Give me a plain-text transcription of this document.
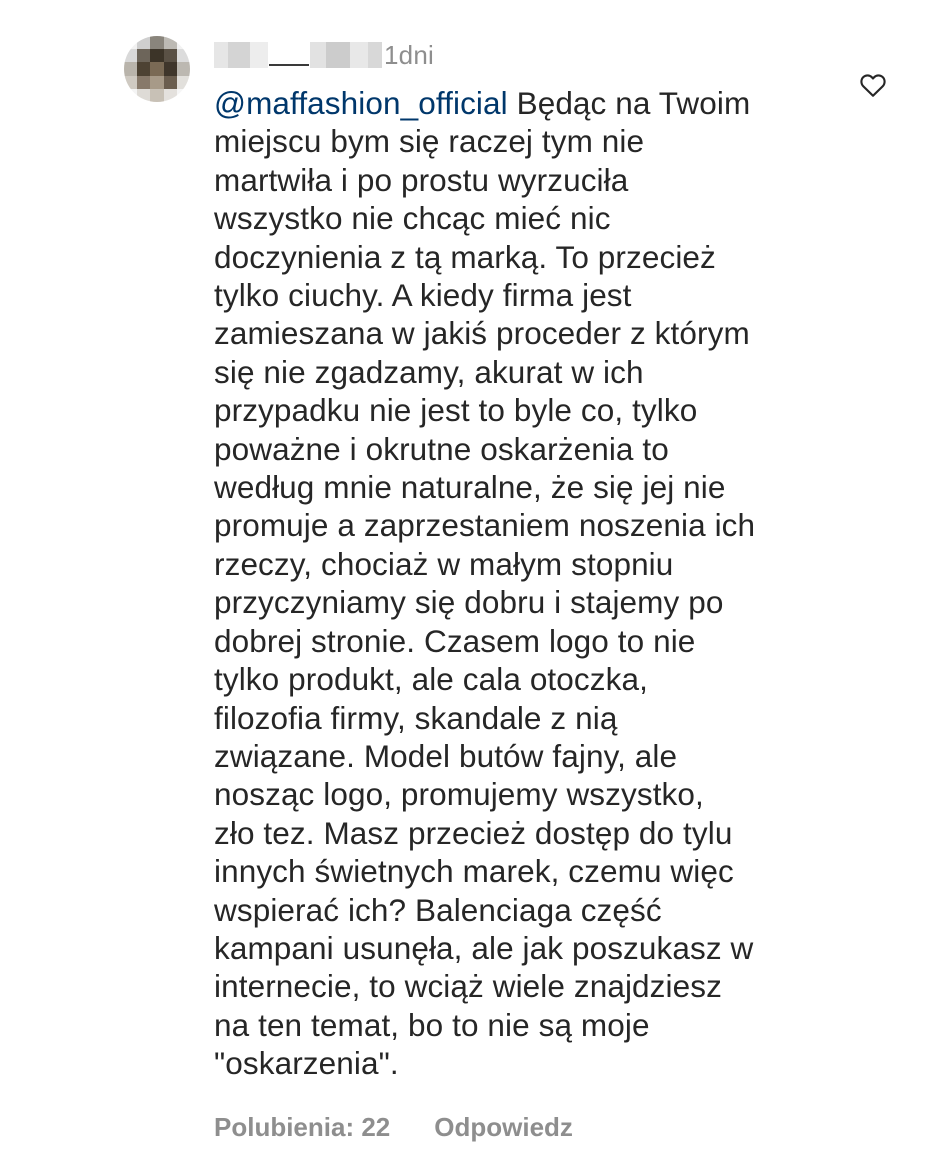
1dni
@maffashion_official Będąc na Twoim
miejscu bym się raczej tym nie
martwiła i po prostu wyrzuciła
wszystko nie chcąc mieć nic
doczynienia z tą marką. To przecież
tylko ciuchy. A kiedy firma jest
zamieszana w jakiś proceder z którym
się nie zgadzamy, akurat w ich
przypadku nie jest to byle co, tylko
poważne i okrutne oskarżenia to
według mnie naturalne, że się jej nie
promuje a zaprzestaniem noszenia ich
rzeczy, chociaż w małym stopniu
przyczyniamy się dobru i stajemy po
dobrej stronie. Czasem logo to nie
tylko produkt, ale cala otoczka,
filozofia firmy, skandale z nią
związane. Model butów fajny, ale
nosząc logo, promujemy wszystko,
zło tez. Masz przecież dostęp do tylu
innych świetnych marek, czemu więc
wspierać ich? Balenciaga część
kampani usunęła, ale jak poszukasz w
internecie, to wciąż wiele znajdziesz
na ten temat, bo to nie są moje
"oskarzenia".
Polubienia: 22 Odpowiedz
